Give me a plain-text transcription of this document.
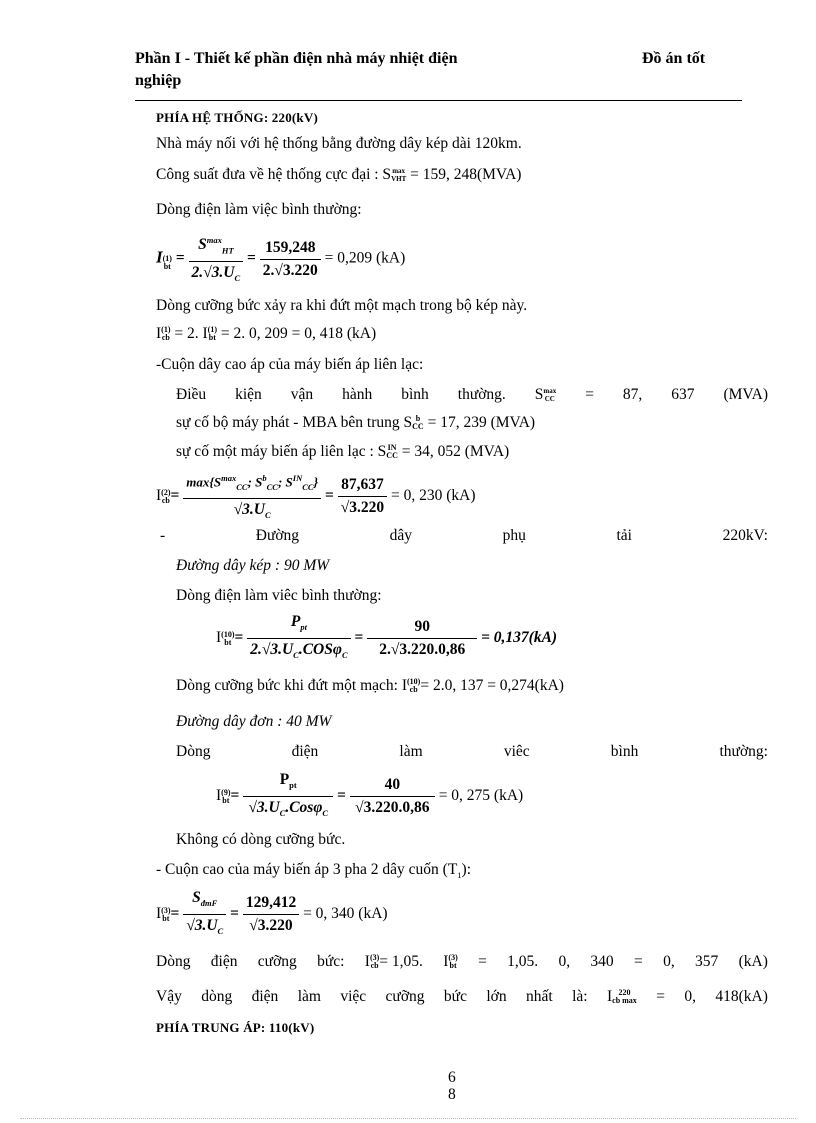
Phần I - Thiết kế phần điện nhà máy nhiệt điện
nghiệp
Đồ án tốt
PHÍA HỆ THỐNG: 220(kV)
Nhà máy nối với hệ thống bằng đường dây kép dài 120km.
Công suất đưa về hệ thống cực đại : Smax
VHT = 159, 248(MVA)
Dòng điện làm việc bình thường:
I(1)
bt = $\frac{S^{max}_{HT}}{2.√3.U_C} = \frac{159,248}{2.√3.220} = 0,209$ (kA)
Dòng cưỡng bức xảy ra khi đứt một mạch trong bộ kép này.
I(1)
cb = 2. I(1)
bt = 2. 0, 209 = 0, 418 (kA)
-Cuộn dây cao áp của máy biến áp liên lạc:
Điều kiện vận hành bình thường. Smax
CC = 87, 637 (MVA)
sự cố bộ máy phát - MBA bên trung S b
CC = 17, 239 (MVA)
sự cố một máy biến áp liên lạc : SIN
CC = 34, 052 (MVA)
I(2)
$cb= \frac{\max\{S^{max}_{CC}; S^b_{CC}; S^{IN}_{CC}\}}{√3.U_C} = \frac{87,637}{√3.220} = 0$, 230 (kA)
-	Đường	dây	phụ	tải	220kV:
Đường dây kép : 90 MW
Dòng điện làm viêc bình thường:
I(10)
bt = $\frac{P_{pt}}{2.√3.U_C.COS\varphi_C} = \frac{90}{2.√3.220.0,86} = 0,137(kA)$
Dòng cưỡng bức khi đứt một mạch: I(10)
cb = 2.0, 137 = 0,274(kA)
Đường dây đơn : 40 MW
Dòng	điện	làm	viêc	bình	thường:
I(9)
$bt= \frac{P_{pt}}{√3.U_C.Cos\varphi_C} = \frac{40}{√3.220.0,86} = 0$, 275 (kA)
Không có dòng cưỡng bức.
- Cuộn cao của máy biến áp 3 pha 2 dây cuốn $(T_1)$:
I(3)
$bt= \frac{S_{đmF}}{√3.U_C} = \frac{129,412}{√3.220} = 0$, 340 (kA)
Dòng điện cưỡng bức: I(3)
cb= 1,05. I(3)
bt = 1,05. 0, 340 = 0, 357 (kA)
Vậy dòng điện làm việc cưỡng bức lớn nhất là: I 220
cb max = 0, 418(kA)
PHÍA TRUNG ÁP: 110(kV)
6
8
